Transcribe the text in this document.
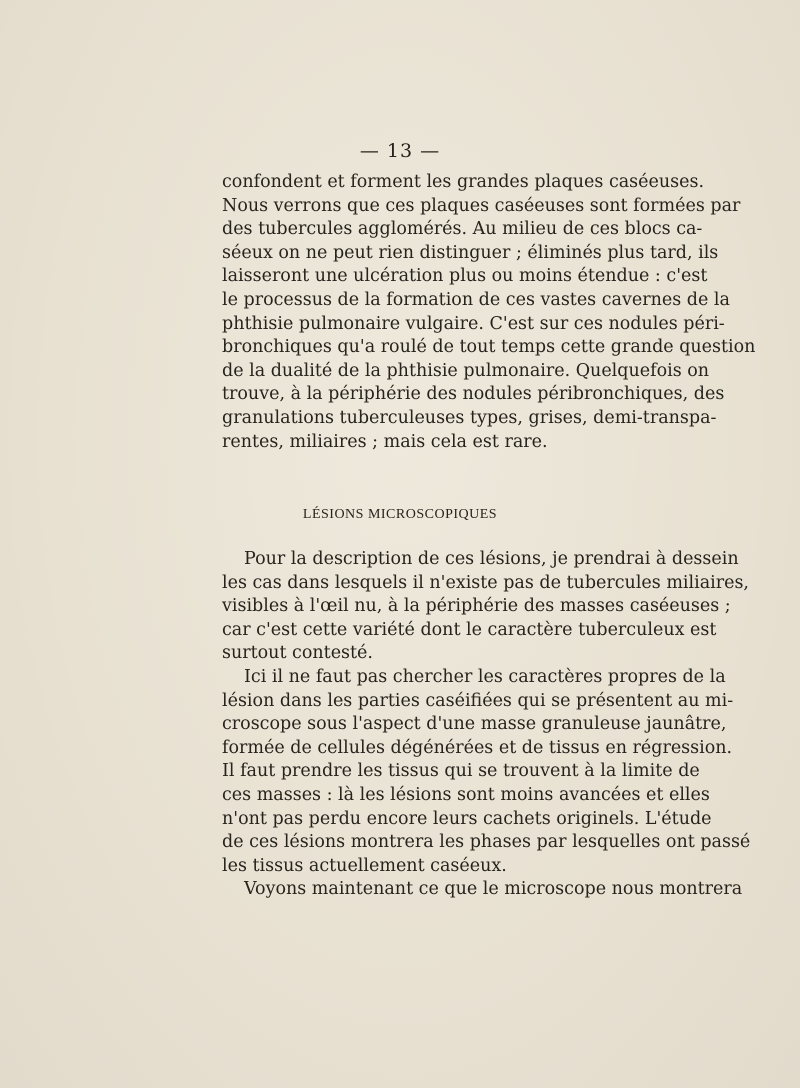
— 13 —
confondent et forment les grandes plaques caséeuses.
Nous verrons que ces plaques caséeuses sont formées par
des tubercules agglomérés. Au milieu de ces blocs ca-
séeux on ne peut rien distinguer ; éliminés plus tard, ils
laisseront une ulcération plus ou moins étendue : c'est
le processus de la formation de ces vastes cavernes de la
phthisie pulmonaire vulgaire. C'est sur ces nodules péri-
bronchiques qu'a roulé de tout temps cette grande question
de la dualité de la phthisie pulmonaire. Quelquefois on
trouve, à la périphérie des nodules péribronchiques, des
granulations tuberculeuses types, grises, demi-transpa-
rentes, miliaires ; mais cela est rare.
LÉSIONS MICROSCOPIQUES
Pour la description de ces lésions, je prendrai à dessein
les cas dans lesquels il n'existe pas de tubercules miliaires,
visibles à l'œil nu, à la périphérie des masses caséeuses ;
car c'est cette variété dont le caractère tuberculeux est
surtout contesté.
Ici il ne faut pas chercher les caractères propres de la
lésion dans les parties caséifiées qui se présentent au mi-
croscope sous l'aspect d'une masse granuleuse jaunâtre,
formée de cellules dégénérées et de tissus en régression.
Il faut prendre les tissus qui se trouvent à la limite de
ces masses : là les lésions sont moins avancées et elles
n'ont pas perdu encore leurs cachets originels. L'étude
de ces lésions montrera les phases par lesquelles ont passé
les tissus actuellement caséeux.
Voyons maintenant ce que le microscope nous montrera
